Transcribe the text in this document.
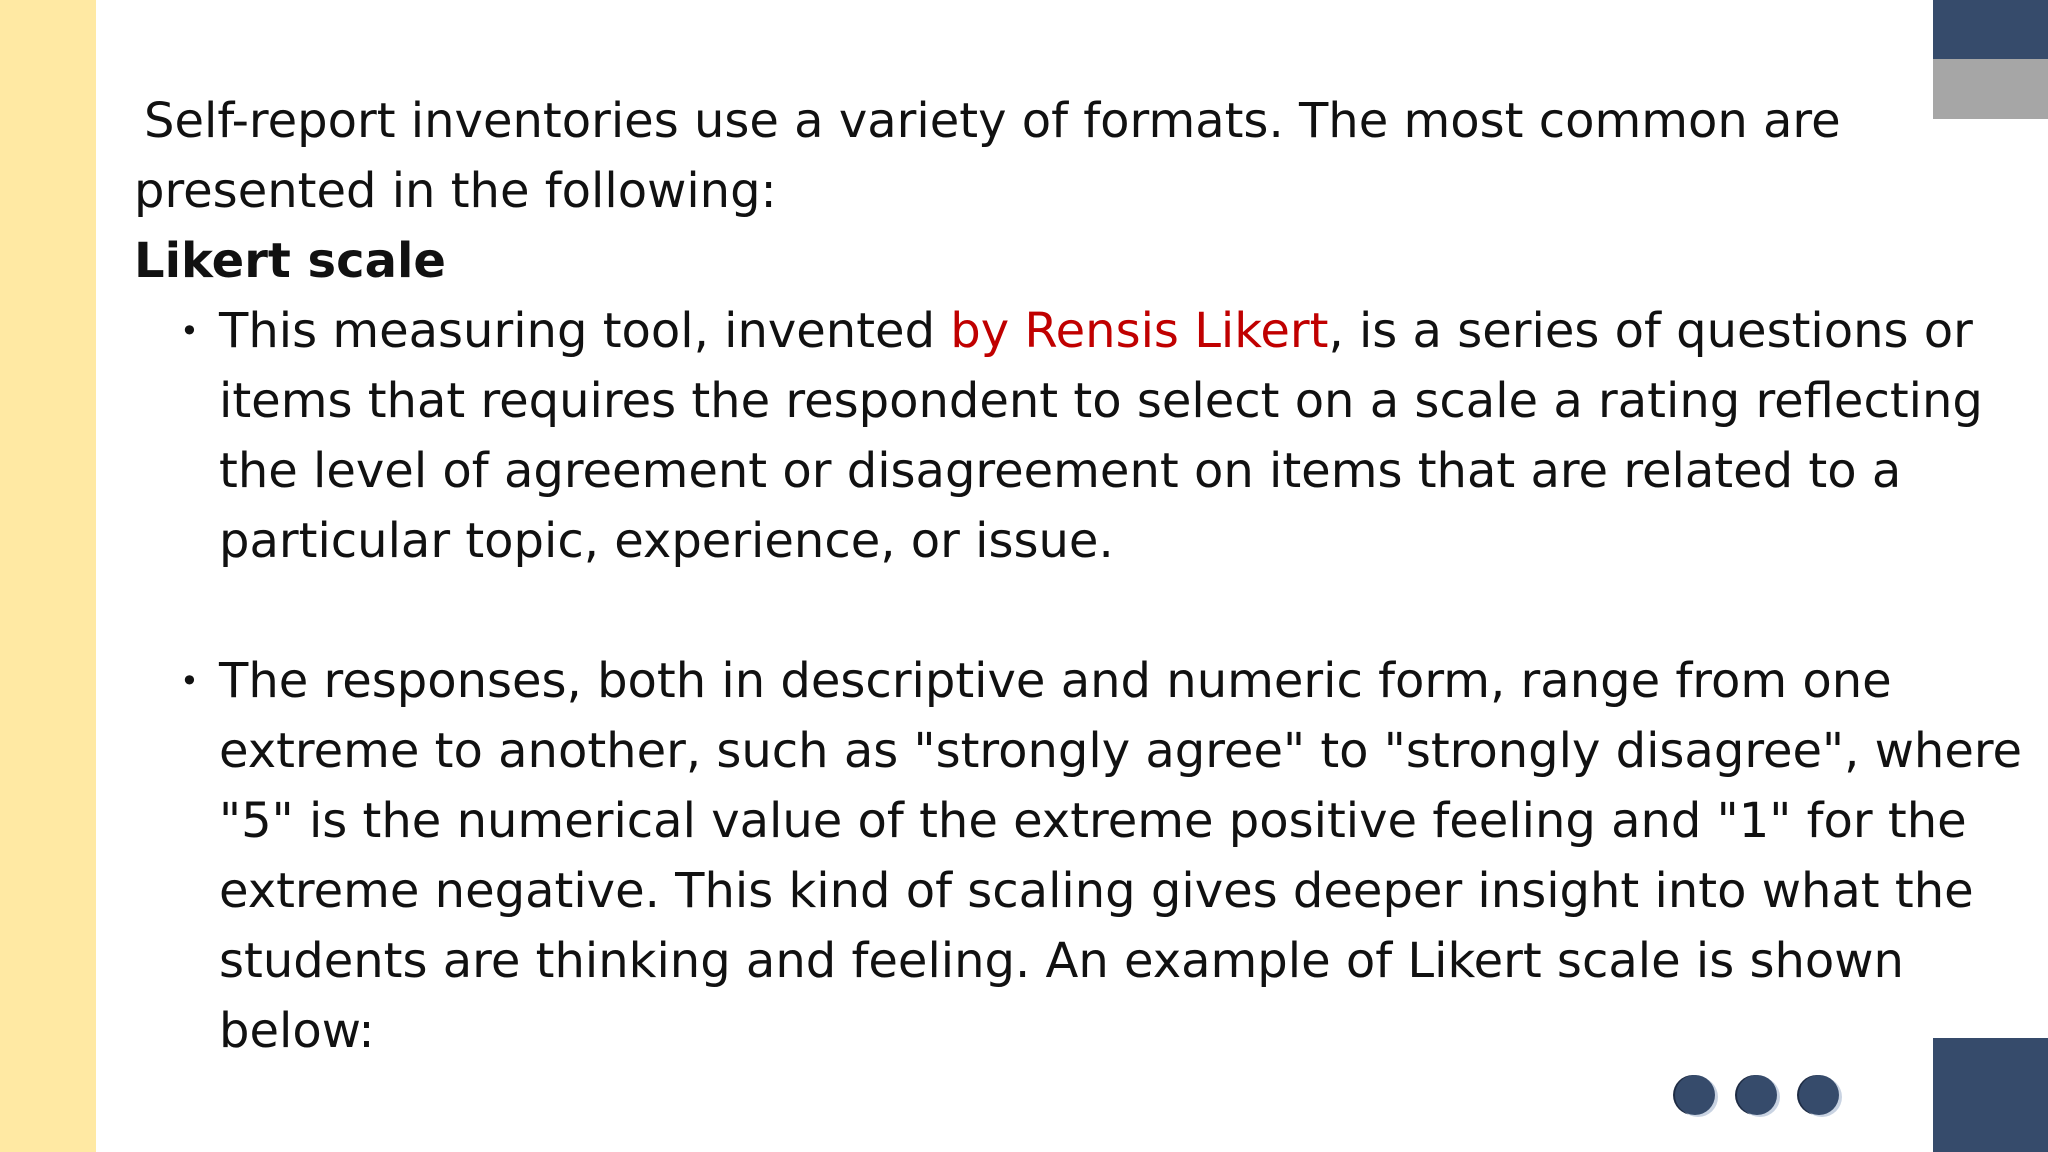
Self-report inventories use a variety of formats. The most common are
presented in the following:

Likert scale

• This measuring tool, invented by Rensis Likert, is a series of questions or items that requires the respondent to select on a scale a rating reflecting the level of agreement or disagreement on items that are related to a particular topic, experience, or issue.
• The responses, both in descriptive and numeric form, range from one extreme to another, such as "strongly agree" to "strongly disagree", where "5" is the numerical value of the extreme positive feeling and "1" for the extreme negative. This kind of scaling gives deeper insight into what the students are thinking and feeling. An example of Likert scale is shown below:
